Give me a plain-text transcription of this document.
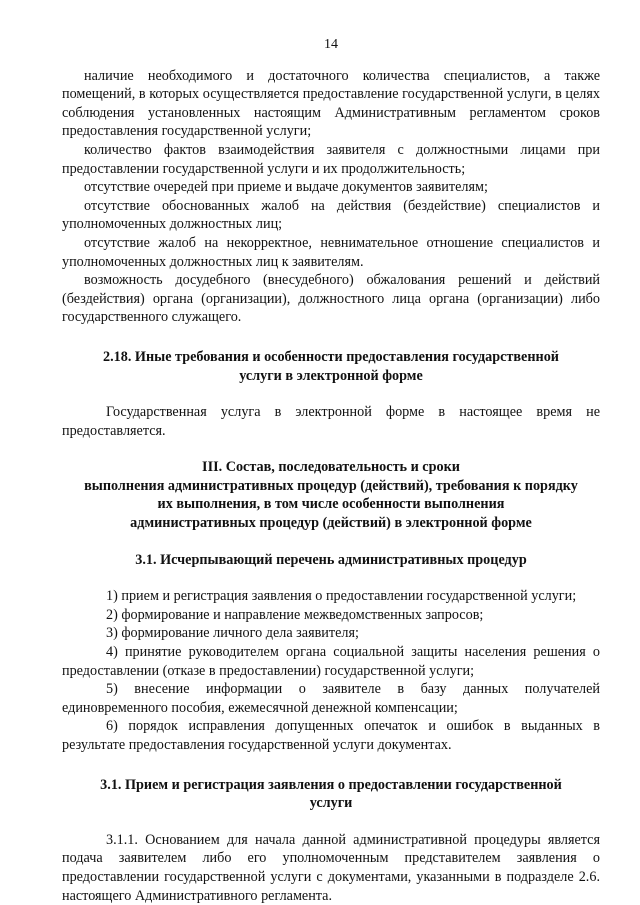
14

наличие необходимого и достаточного количества специалистов, а также помещений, в которых осуществляется предоставление государственной услуги, в целях соблюдения установленных настоящим Административным регламентом сроков предоставления государственной услуги;

количество фактов взаимодействия заявителя с должностными лицами при предоставлении государственной услуги и их продолжительность;

отсутствие очередей при приеме и выдаче документов заявителям;

отсутствие обоснованных жалоб на действия (бездействие) специалистов и уполномоченных должностных лиц;

отсутствие жалоб на некорректное, невнимательное отношение специалистов и уполномоченных должностных лиц к заявителям.

возможность досудебного (внесудебного) обжалования решений и действий (бездействия) органа (организации), должностного лица органа (организации) либо государственного служащего.

2.18. Иные требования и особенности предоставления государственной
услуги в электронной форме

Государственная услуга в электронной форме в настоящее время не предоставляется.

III. Состав, последовательность и сроки
выполнения административных процедур (действий), требования к порядку
их выполнения, в том числе особенности выполнения
административных процедур (действий) в электронной форме
3.1. Исчерпывающий перечень административных процедур

1) прием и регистрация заявления о предоставлении государственной услуги;

2) формирование и направление межведомственных запросов;

3) формирование личного дела заявителя;

4) принятие руководителем органа социальной защиты населения решения о предоставлении (отказе в предоставлении) государственной услуги;

5) внесение информации о заявителе в базу данных получателей единовременного пособия, ежемесячной денежной компенсации;

6) порядок исправления допущенных опечаток и ошибок в выданных в результате предоставления государственной услуги документах.

3.1. Прием и регистрация заявления о предоставлении государственной
услуги

3.1.1. Основанием для начала данной административной процедуры является подача заявителем либо его уполномоченным представителем заявления о предоставлении государственной услуги с документами, указанными в подразделе 2.6. настоящего Административного регламента.
